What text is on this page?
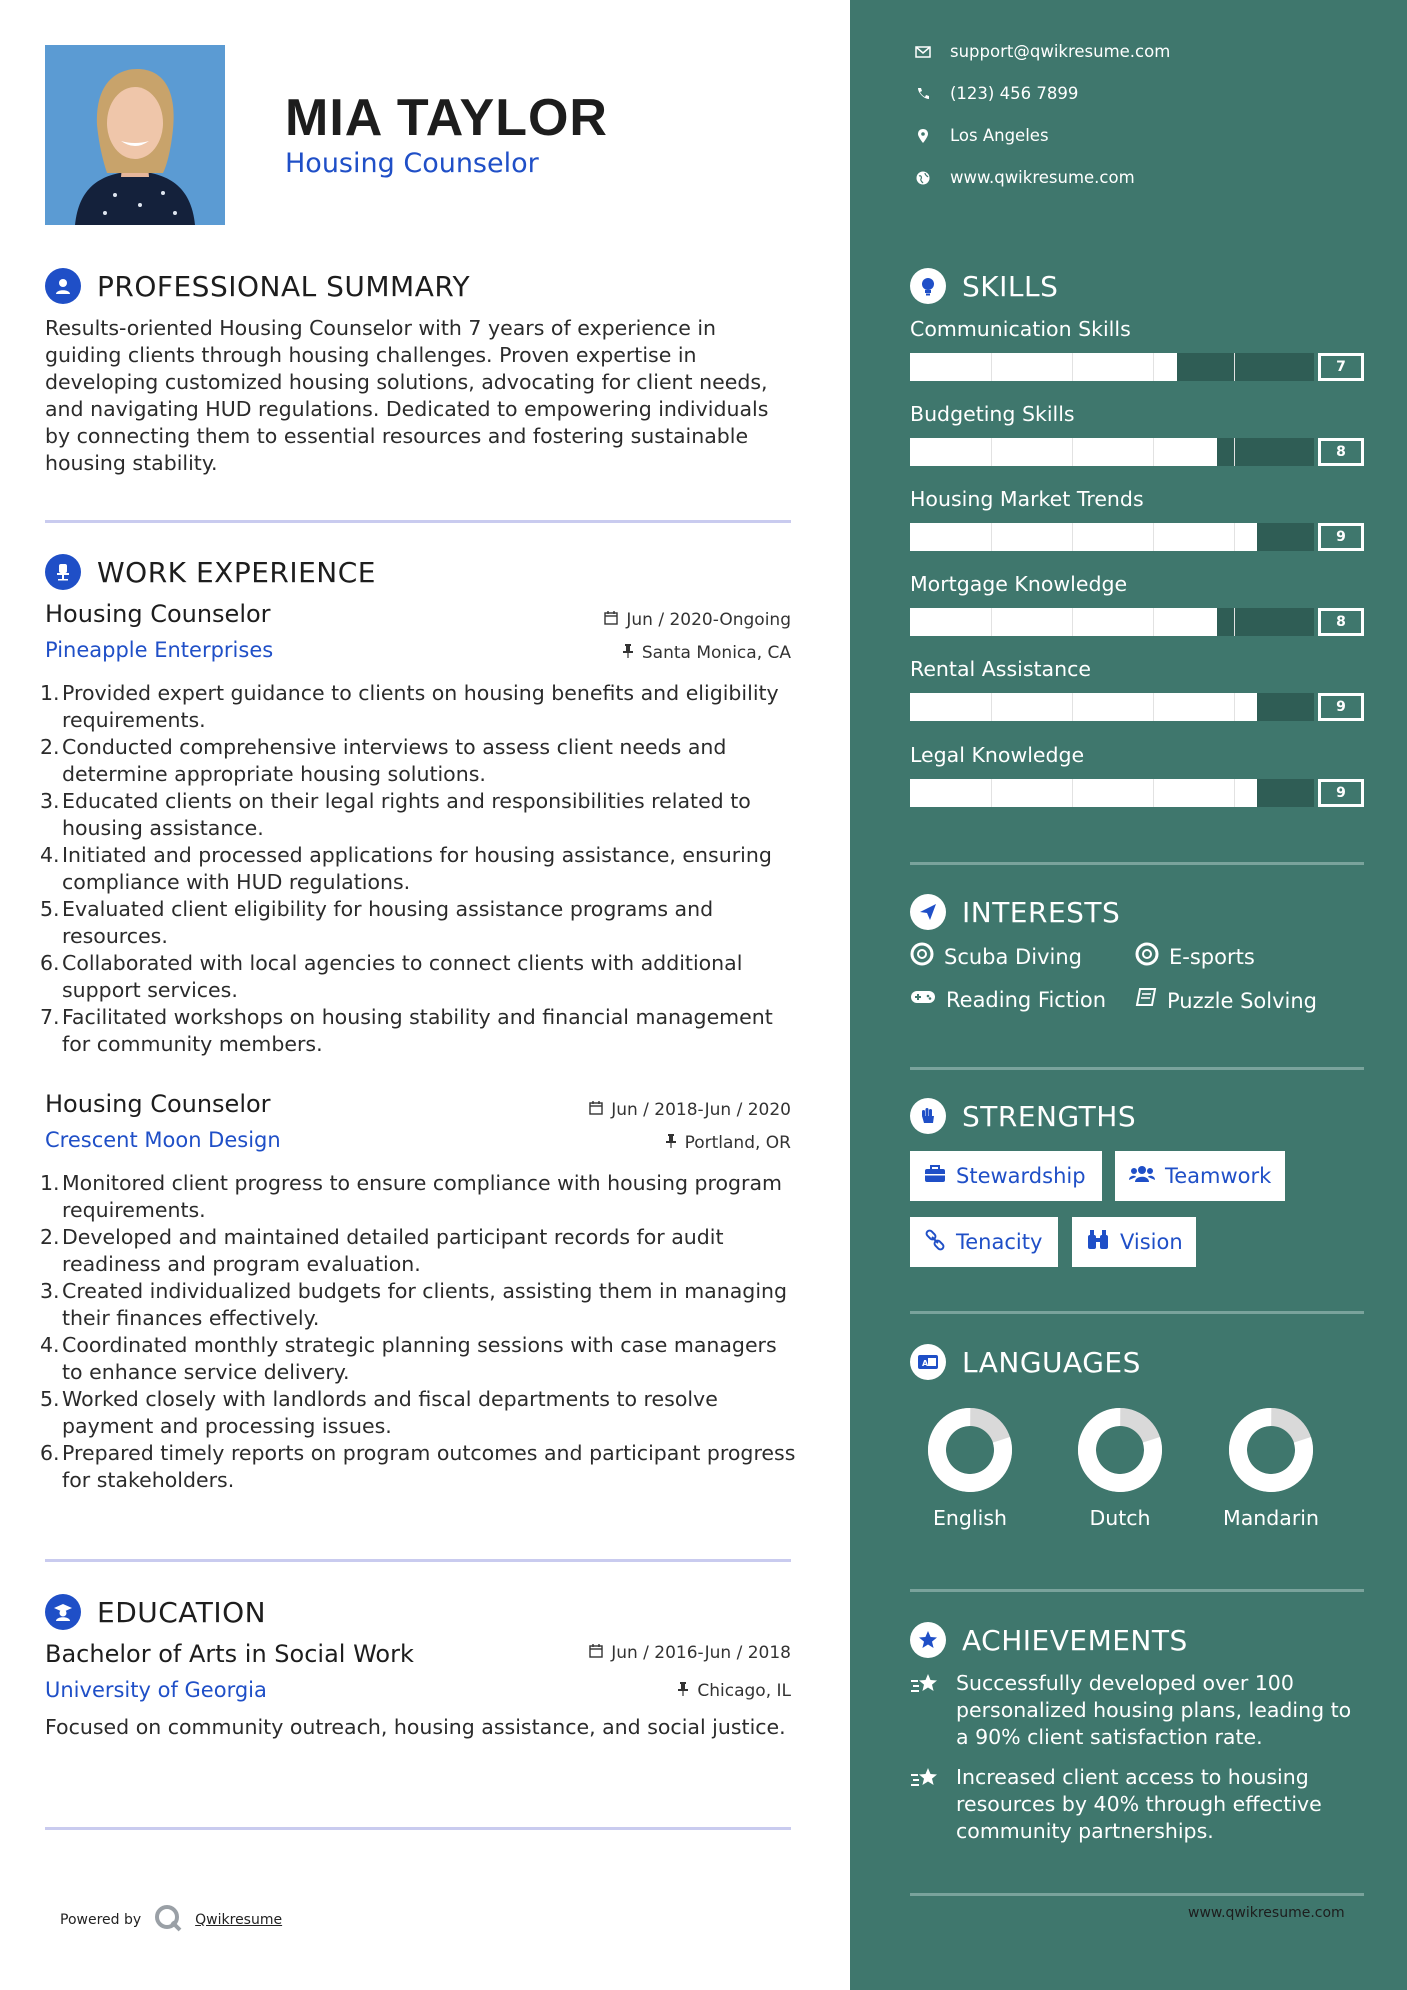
MIA TAYLOR
Housing Counselor
PROFESSIONAL SUMMARY
Results-oriented Housing Counselor with 7 years of experience in guiding clients through housing challenges. Proven expertise in developing customized housing solutions, advocating for client needs, and navigating HUD regulations. Dedicated to empowering individuals by connecting them to essential resources and fostering sustainable housing stability.
WORK EXPERIENCE
Housing Counselor	Jun / 2020-Ongoing
Pineapple Enterprises	Santa Monica, CA
1. Provided expert guidance to clients on housing benefits and eligibility requirements.
2. Conducted comprehensive interviews to assess client needs and determine appropriate housing solutions.
3. Educated clients on their legal rights and responsibilities related to housing assistance.
4. Initiated and processed applications for housing assistance, ensuring compliance with HUD regulations.
5. Evaluated client eligibility for housing assistance programs and resources.
6. Collaborated with local agencies to connect clients with additional support services.
7. Facilitated workshops on housing stability and financial management for community members.
Housing Counselor	Jun / 2018-Jun / 2020
Crescent Moon Design	Portland, OR
1. Monitored client progress to ensure compliance with housing program requirements.
2. Developed and maintained detailed participant records for audit readiness and program evaluation.
3. Created individualized budgets for clients, assisting them in managing their finances effectively.
4. Coordinated monthly strategic planning sessions with case managers to enhance service delivery.
5. Worked closely with landlords and fiscal departments to resolve payment and processing issues.
6. Prepared timely reports on program outcomes and participant progress for stakeholders.
EDUCATION
Bachelor of Arts in Social Work	Jun / 2016-Jun / 2018
University of Georgia	Chicago, IL
Focused on community outreach, housing assistance, and social justice.
Powered by	Qwikresume
support@qwikresume.com
(123) 456 7899
Los Angeles
www.qwikresume.com
SKILLS
Communication Skills
7
Budgeting Skills
8
Housing Market Trends
9
Mortgage Knowledge
8
Rental Assistance
9
Legal Knowledge
9
INTERESTS
Scuba Diving	E-sports
Reading Fiction	Puzzle Solving
STRENGTHS
Stewardship	Teamwork
Tenacity	Vision
A LANGUAGES
English	Dutch	Mandarin
ACHIEVEMENTS
Successfully developed over 100 personalized housing plans, leading to a 90% client satisfaction rate.
Increased client access to housing resources by 40% through effective community partnerships.
www.qwikresume.com
